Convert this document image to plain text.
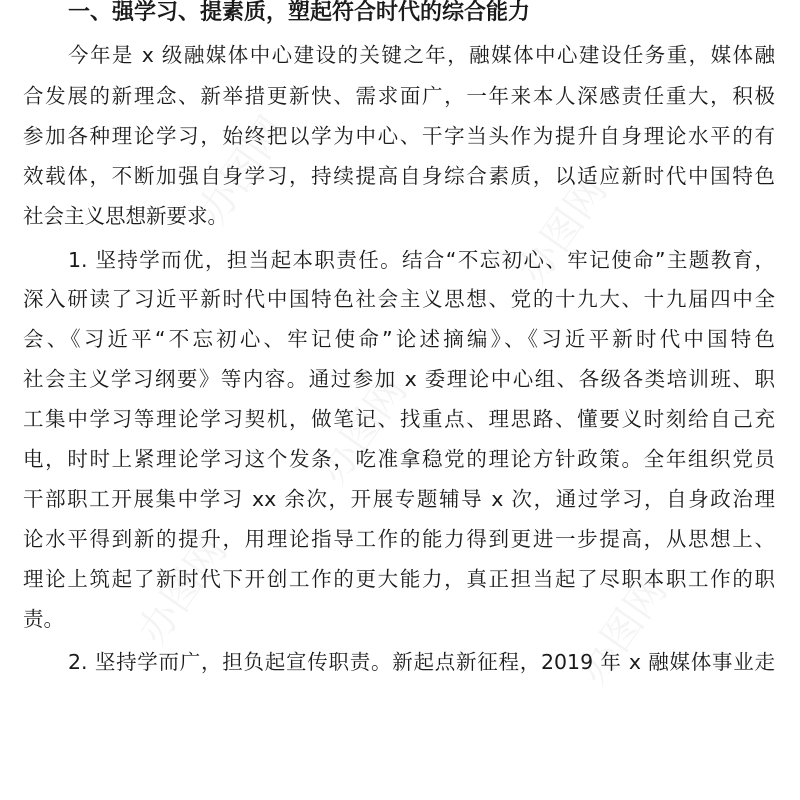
办图网	办图网
办图网
办图网	办图网
一、强学习、提素质，塑起符合时代的综合能力

今年是 x 级融媒体中心建设的关键之年，融媒体中心建设任务重，媒体融

合发展的新理念、新举措更新快、需求面广，一年来本人深感责任重大，积极

参加各种理论学习，始终把以学为中心、干字当头作为提升自身理论水平的有

效载体，不断加强自身学习，持续提高自身综合素质，以适应新时代中国特色

社会主义思想新要求。

1. 坚持学而优，担当起本职责任。结合“不忘初心、牢记使命”主题教育，

深入研读了习近平新时代中国特色社会主义思想、党的十九大、十九届四中全

会、《习近平“不忘初心、牢记使命”论述摘编》、《习近平新时代中国特色

社会主义学习纲要》等内容。通过参加 x 委理论中心组、各级各类培训班、职

工集中学习等理论学习契机，做笔记、找重点、理思路、懂要义时刻给自己充

电，时时上紧理论学习这个发条，吃准拿稳党的理论方针政策。全年组织党员

干部职工开展集中学习 xx 余次，开展专题辅导 x 次，通过学习，自身政治理

论水平得到新的提升，用理论指导工作的能力得到更进一步提高，从思想上、

理论上筑起了新时代下开创工作的更大能力，真正担当起了尽职本职工作的职

责。

2. 坚持学而广，担负起宣传职责。新起点新征程，2019 年 x 融媒体事业走
